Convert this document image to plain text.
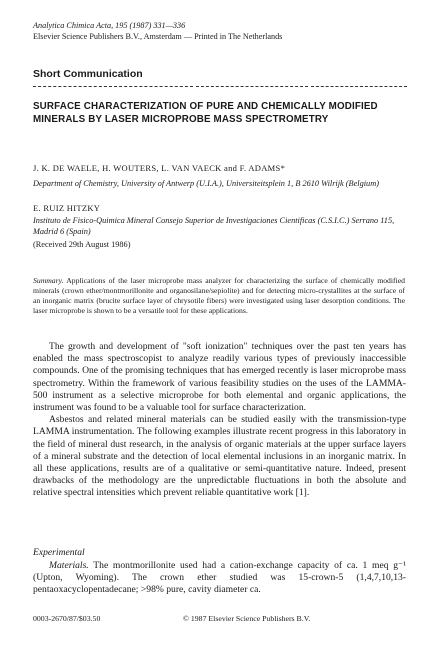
Analytica Chimica Acta, 195 (1987) 331—336
Elsevier Science Publishers B.V., Amsterdam — Printed in The Netherlands
Short Communication
SURFACE CHARACTERIZATION OF PURE AND CHEMICALLY MODIFIED MINERALS BY LASER MICROPROBE MASS SPECTROMETRY
J. K. DE WAELE, H. WOUTERS, L. VAN VAECK and F. ADAMS*
Department of Chemistry, University of Antwerp (U.I.A.), Universiteitsplein 1, B 2610 Wilrijk (Belgium)
E. RUIZ HITZKY
Instituto de Fisico-Quimica Mineral Consejo Superior de Investigaciones Cientificas (C.S.I.C.) Serrano 115, Madrid 6 (Spain)
(Received 29th August 1986)
Summary. Applications of the laser microprobe mass analyzer for characterizing the surface of chemically modified minerals (crown ether/montmorillonite and organosilane/sepiolite) and for detecting micro-crystallites at the surface of an inorganic matrix (brucite surface layer of chrysotile fibers) were investigated using laser desorption conditions. The laser microprobe is shown to be a versatile tool for these applications.

The growth and development of "soft ionization" techniques over the past ten years has enabled the mass spectroscopist to analyze readily various types of previously inaccessible compounds. One of the promising techniques that has emerged recently is laser microprobe mass spectrometry. Within the framework of various feasibility studies on the uses of the LAMMA-500 instrument as a selective microprobe for both elemental and organic applications, the instrument was found to be a valuable tool for surface characterization.

Asbestos and related mineral materials can be studied easily with the transmission-type LAMMA instrumentation. The following examples illustrate recent progress in this laboratory in the field of mineral dust research, in the analysis of organic materials at the upper surface layers of a mineral substrate and the detection of local elemental inclusions in an inorganic matrix. In all these applications, results are of a qualitative or semi-quantitative nature. Indeed, present drawbacks of the methodology are the unpredictable fluctuations in both the absolute and relative spectral intensities which prevent reliable quantitative work [1].

Experimental

Materials. The montmorillonite used had a cation-exchange capacity of ca. 1 meq g⁻¹ (Upton, Wyoming). The crown ether studied was 15-crown-5 (1,4,7,10,13-pentaoxacyclopentadecane; >98% pure, cavity diameter ca.

0003-2670/87/$03.50	© 1987 Elsevier Science Publishers B.V.
